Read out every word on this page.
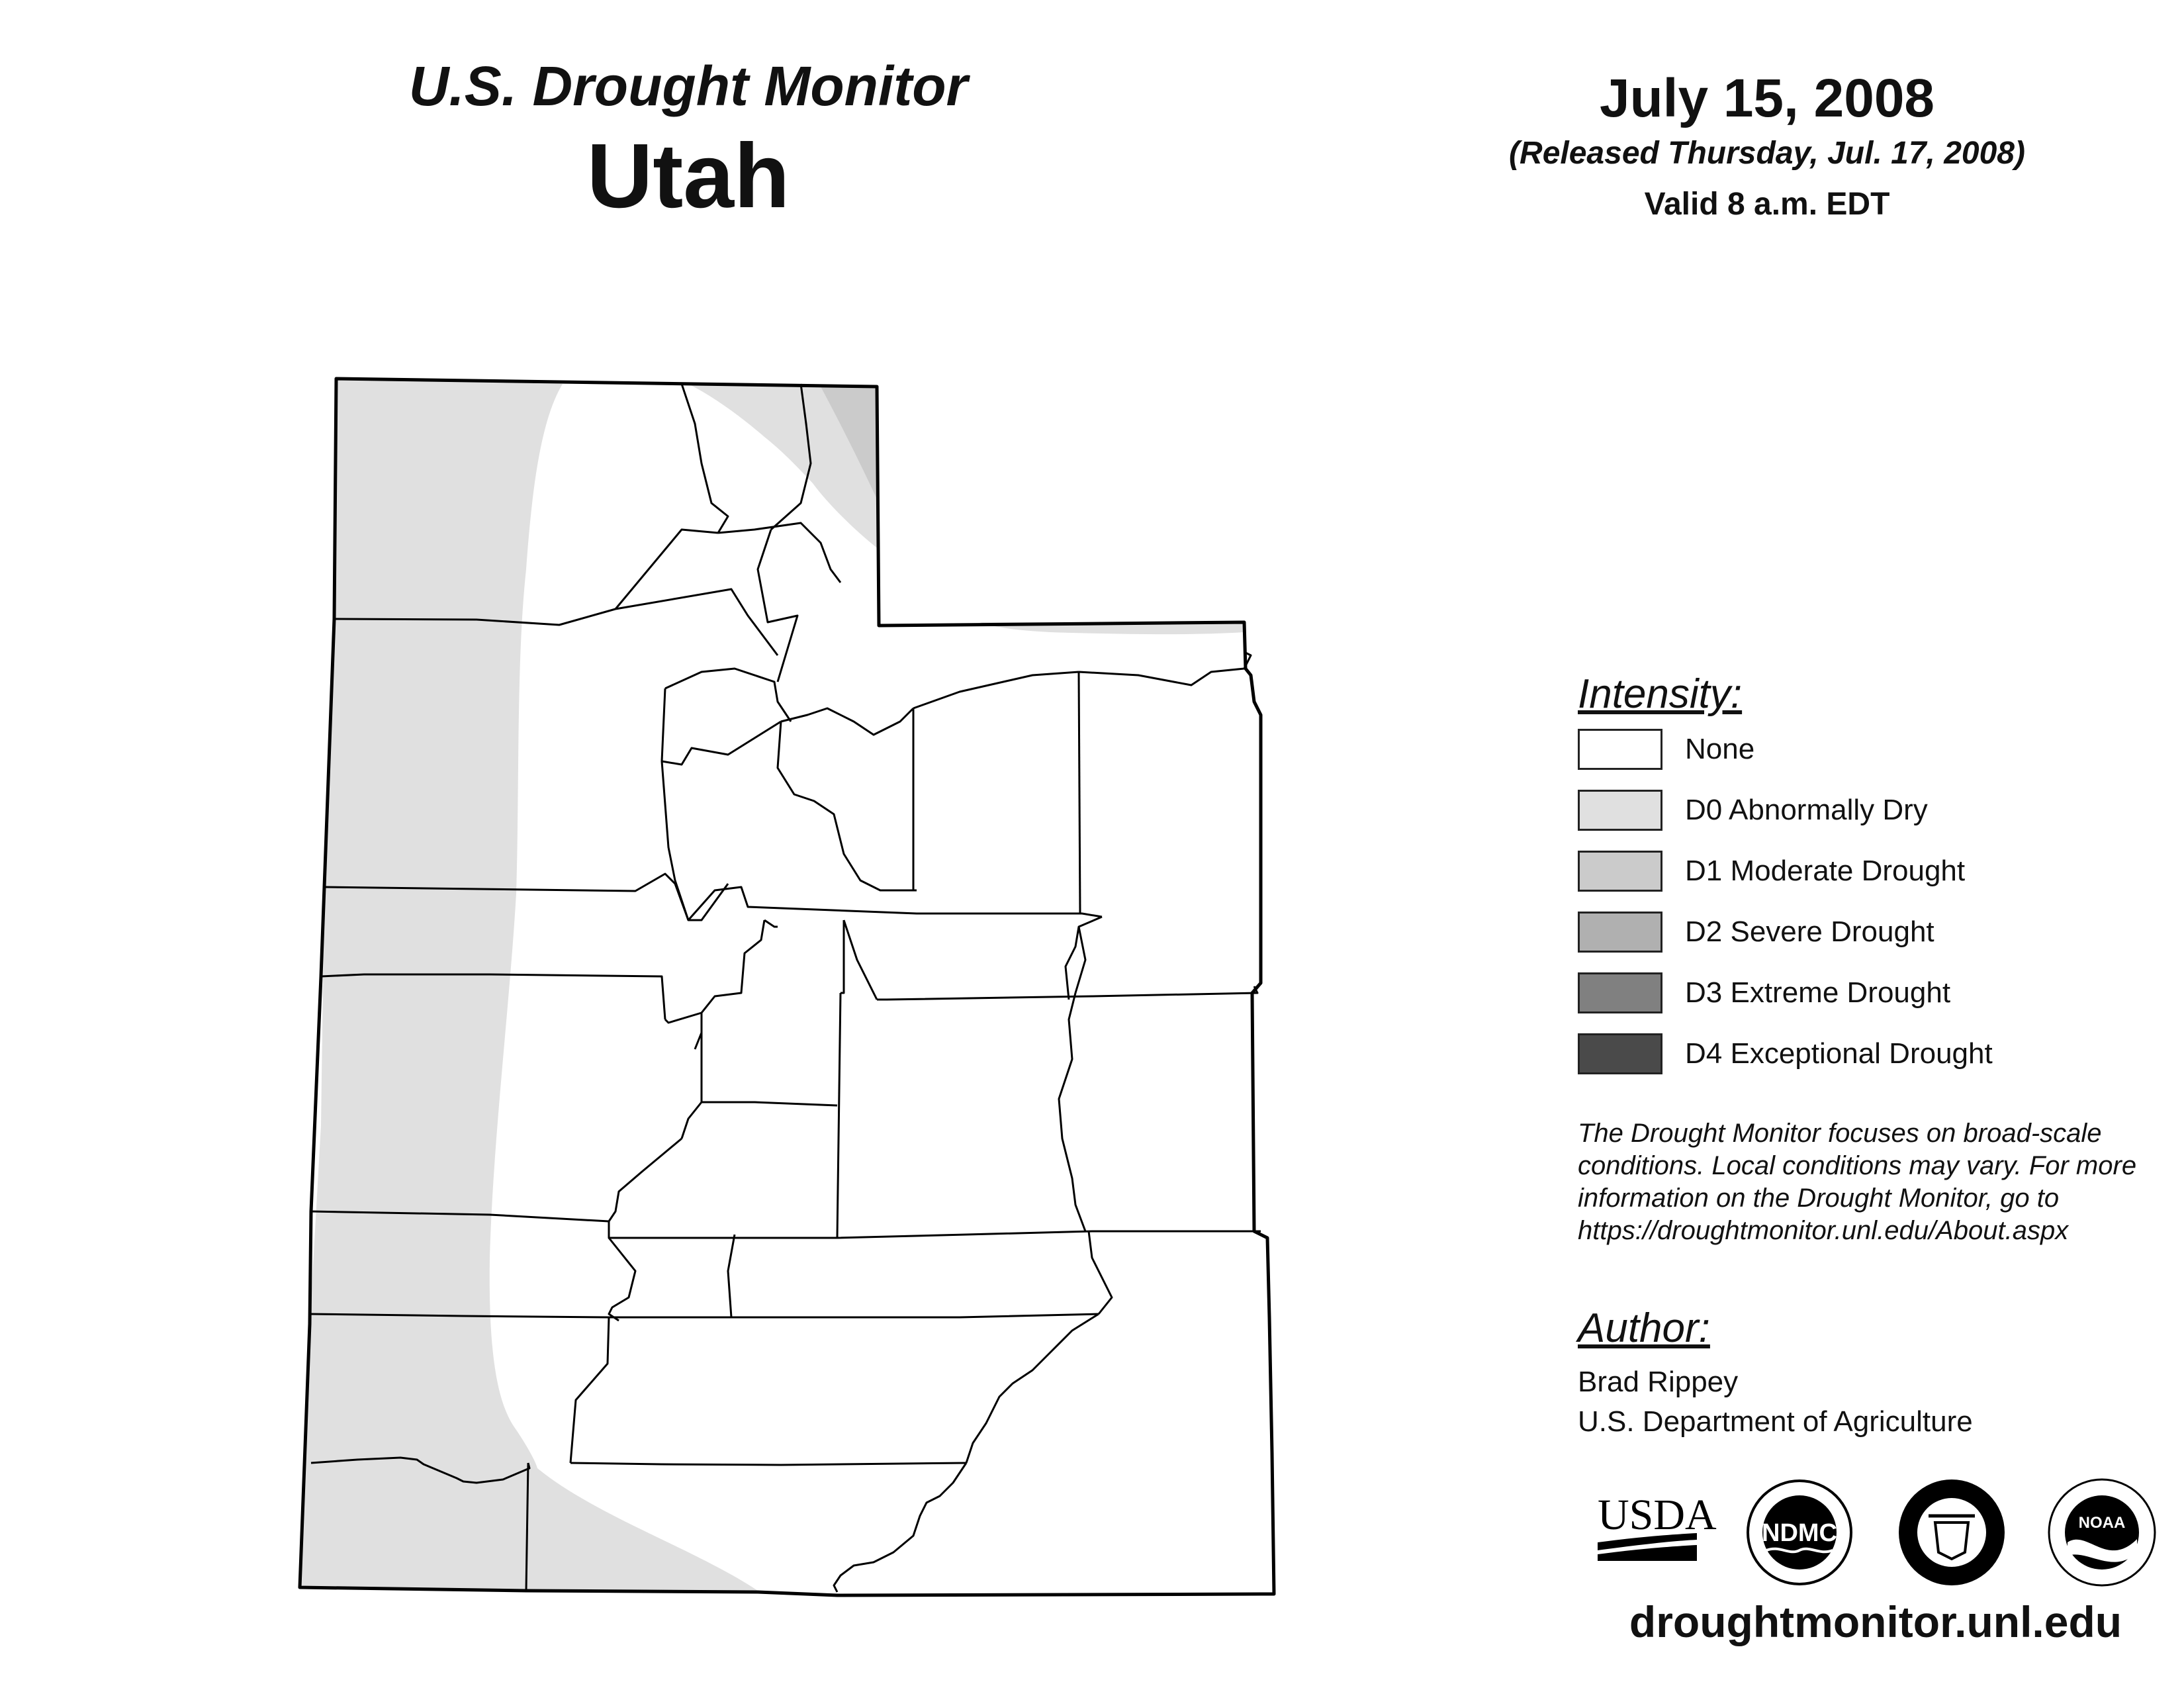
U.S. Drought Monitor
Utah
July 15, 2008
(Released Thursday, Jul. 17, 2008)
Valid 8 a.m. EDT
Intensity:
None
D0 Abnormally Dry
D1 Moderate Drought
D2 Severe Drought
D3 Extreme Drought
D4 Exceptional Drought
The Drought Monitor focuses on broad-scale conditions. Local conditions may vary. For more information on the Drought Monitor, go to https://droughtmonitor.unl.edu/About.aspx
Author:
Brad Rippey
U.S. Department of Agriculture
USDA NDMC	NOAA
droughtmonitor.unl.edu
